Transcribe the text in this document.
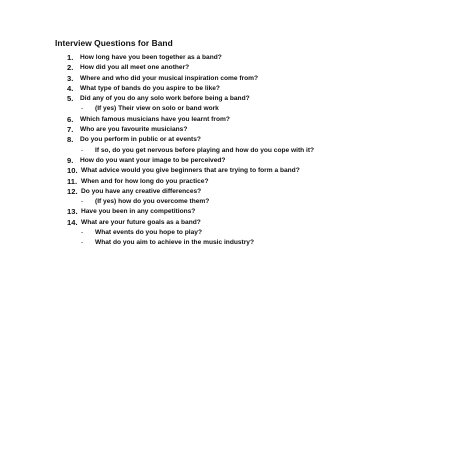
Interview Questions for Band
1. How long have you been together as a band?
2. How did you all meet one another?
3. Where and who did your musical inspiration come from?
4. What type of bands do you aspire to be like?
5. Did any of you do any solo work before being a band?
- (If yes) Their view on solo or band work
6. Which famous musicians have you learnt from?
7. Who are you favourite musicians?
8. Do you perform in public or at events?
- If so, do you get nervous before playing and how do you cope with it?
9. How do you want your image to be perceived?
10. What advice would you give beginners that are trying to form a band?
11. When and for how long do you practice?
12. Do you have any creative differences?
- (If yes) how do you overcome them?
13. Have you been in any competitions?
14. What are your future goals as a band?
- What events do you hope to play?
- What do you aim to achieve in the music industry?
